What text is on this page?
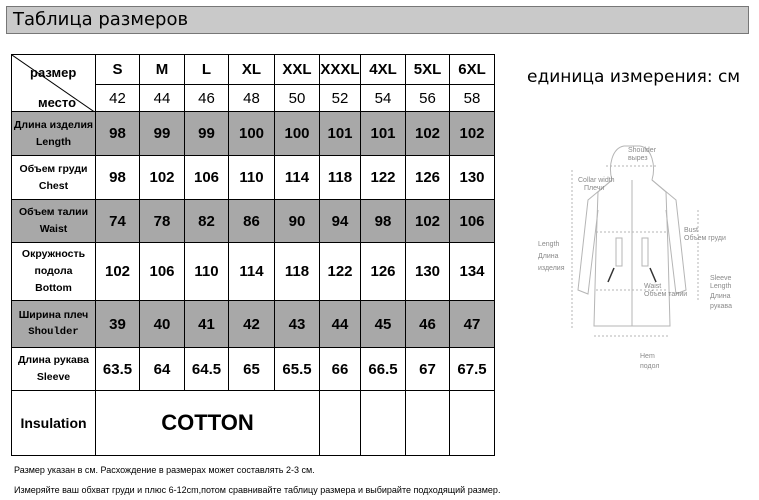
Таблица размеров
единица измерения: см
размер
место	S	M	L	XL	XXL	XXXL	4XL	5XL	6XL
	42	44	46	48	50	52	54	56	58
Длина изделия
Length	98	99	99	100	100	101	101	102	102
Объем груди
Chest	98	102	106	110	114	118	122	126	130
Объем талии
Waist	74	78	82	86	90	94	98	102	106

Окружность подола
Bottom	102	106	110	114	118	122	126	130	134
Ширина плеч
Shoulder	39	40	41	42	43	44	45	46	47
Длина рукава
Sleeve	63.5	64	64.5	65	65.5	66	66.5	67	67.5
Insulation	COTTON								
Размер указан в см. Расхождение в размерах может составлять 2-3 см.
Измеряйте ваш обхват груди и плюс 6-12cm,потом сравнивайте таблицу размера и выбирайте подходящий размер.
Shoulder
вырез
Collar width
Плечи
Length
Длина
изделия
Bust
Объем груди
Waist
Объем талии
Sleeve
Length
Длина
рукава
Hem
подол
